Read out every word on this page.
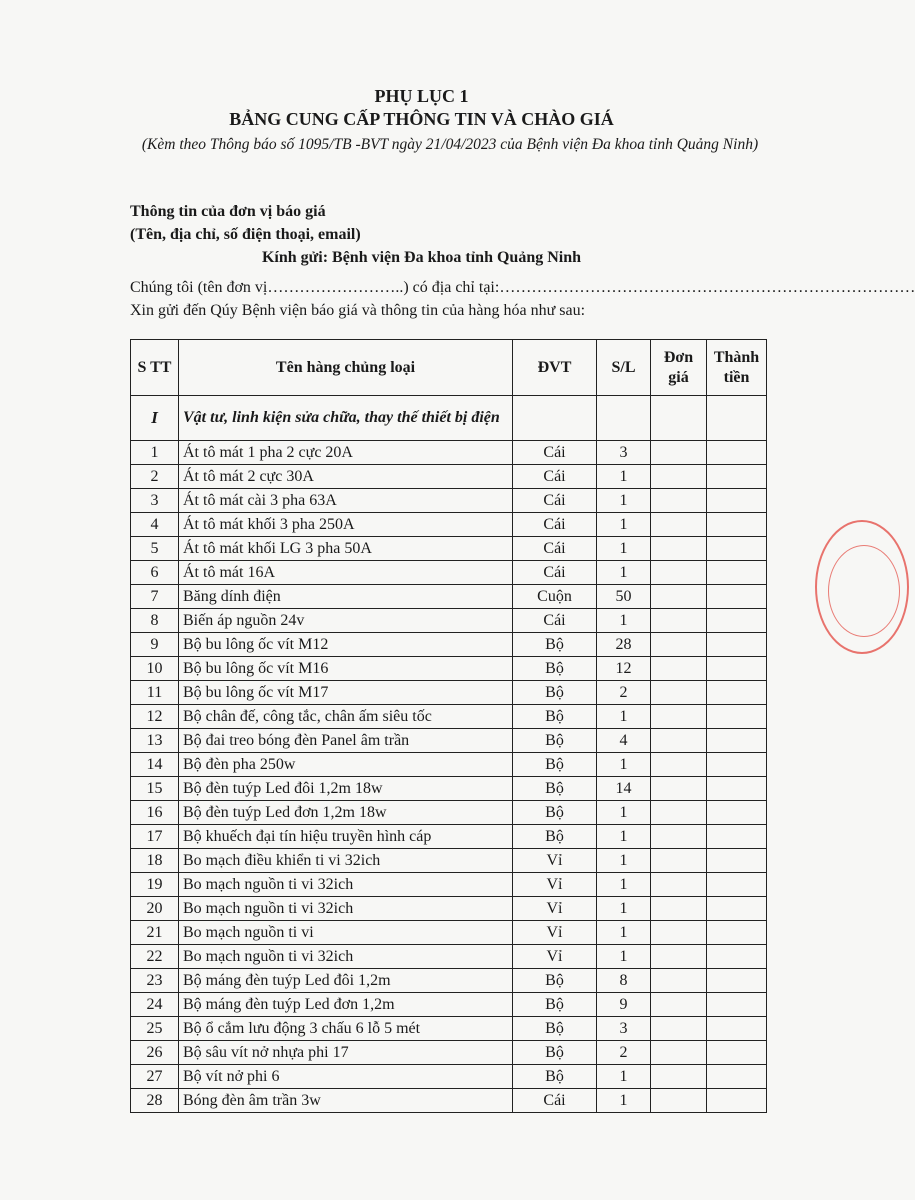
PHỤ LỤC 1
BẢNG CUNG CẤP THÔNG TIN VÀ CHÀO GIÁ
(Kèm theo Thông báo số 1095/TB -BVT ngày 21/04/2023 của Bệnh viện Đa khoa tỉnh Quảng Ninh)
Thông tin của đơn vị báo giá
(Tên, địa chỉ, số điện thoại, email)
Kính gửi: Bệnh viện Đa khoa tỉnh Quảng Ninh
Chúng tôi (tên đơn vị……………………..) có địa chỉ tại: ……………………………………………………………………
Xin gửi đến Qúy Bệnh viện báo giá và thông tin của hàng hóa như sau:
S TT	Tên hàng chủng loại	ĐVT	S/L	Đơn giá	Thành tiền
I	Vật tư, linh kiện sửa chữa, thay thế thiết bị điện				
1	Át tô mát 1 pha 2 cực 20A	Cái	3		
2	Át tô mát 2 cực 30A	Cái	1		
3	Át tô mát cài 3 pha 63A	Cái	1		
4	Át tô mát khối 3 pha 250A	Cái	1		
5	Át tô mát khối LG 3 pha 50A	Cái	1		
6	Át tô mát 16A	Cái	1		
7	Băng dính điện	Cuộn	50		
8	Biến áp nguồn 24v	Cái	1		
9	Bộ bu lông ốc vít M12	Bộ	28		
10	Bộ bu lông ốc vít M16	Bộ	12		
11	Bộ bu lông ốc vít M17	Bộ	2		
12	Bộ chân đế, công tắc, chân ấm siêu tốc	Bộ	1		
13	Bộ đai treo bóng đèn Panel âm trần	Bộ	4		
14	Bộ đèn pha 250w	Bộ	1		
15	Bộ đèn tuýp Led đôi 1,2m 18w	Bộ	14		
16	Bộ đèn tuýp Led đơn 1,2m 18w	Bộ	1		
17	Bộ khuếch đại tín hiệu truyền hình cáp	Bộ	1		
18	Bo mạch điều khiển ti vi 32ich	Vỉ	1		
19	Bo mạch nguồn ti vi 32ich	Vỉ	1		
20	Bo mạch nguồn ti vi 32ich	Vỉ	1		
21	Bo mạch nguồn ti vi	Vỉ	1		
22	Bo mạch nguồn ti vi 32ich	Vỉ	1		
23	Bộ máng đèn tuýp Led đôi 1,2m	Bộ	8		
24	Bộ máng đèn tuýp Led đơn 1,2m	Bộ	9		
25	Bộ ổ cắm lưu động 3 chấu 6 lỗ 5 mét	Bộ	3		
26	Bộ sâu vít nở nhựa phi 17	Bộ	2		
27	Bộ vít nở phi 6	Bộ	1		
28	Bóng đèn âm trần 3w	Cái	1		
